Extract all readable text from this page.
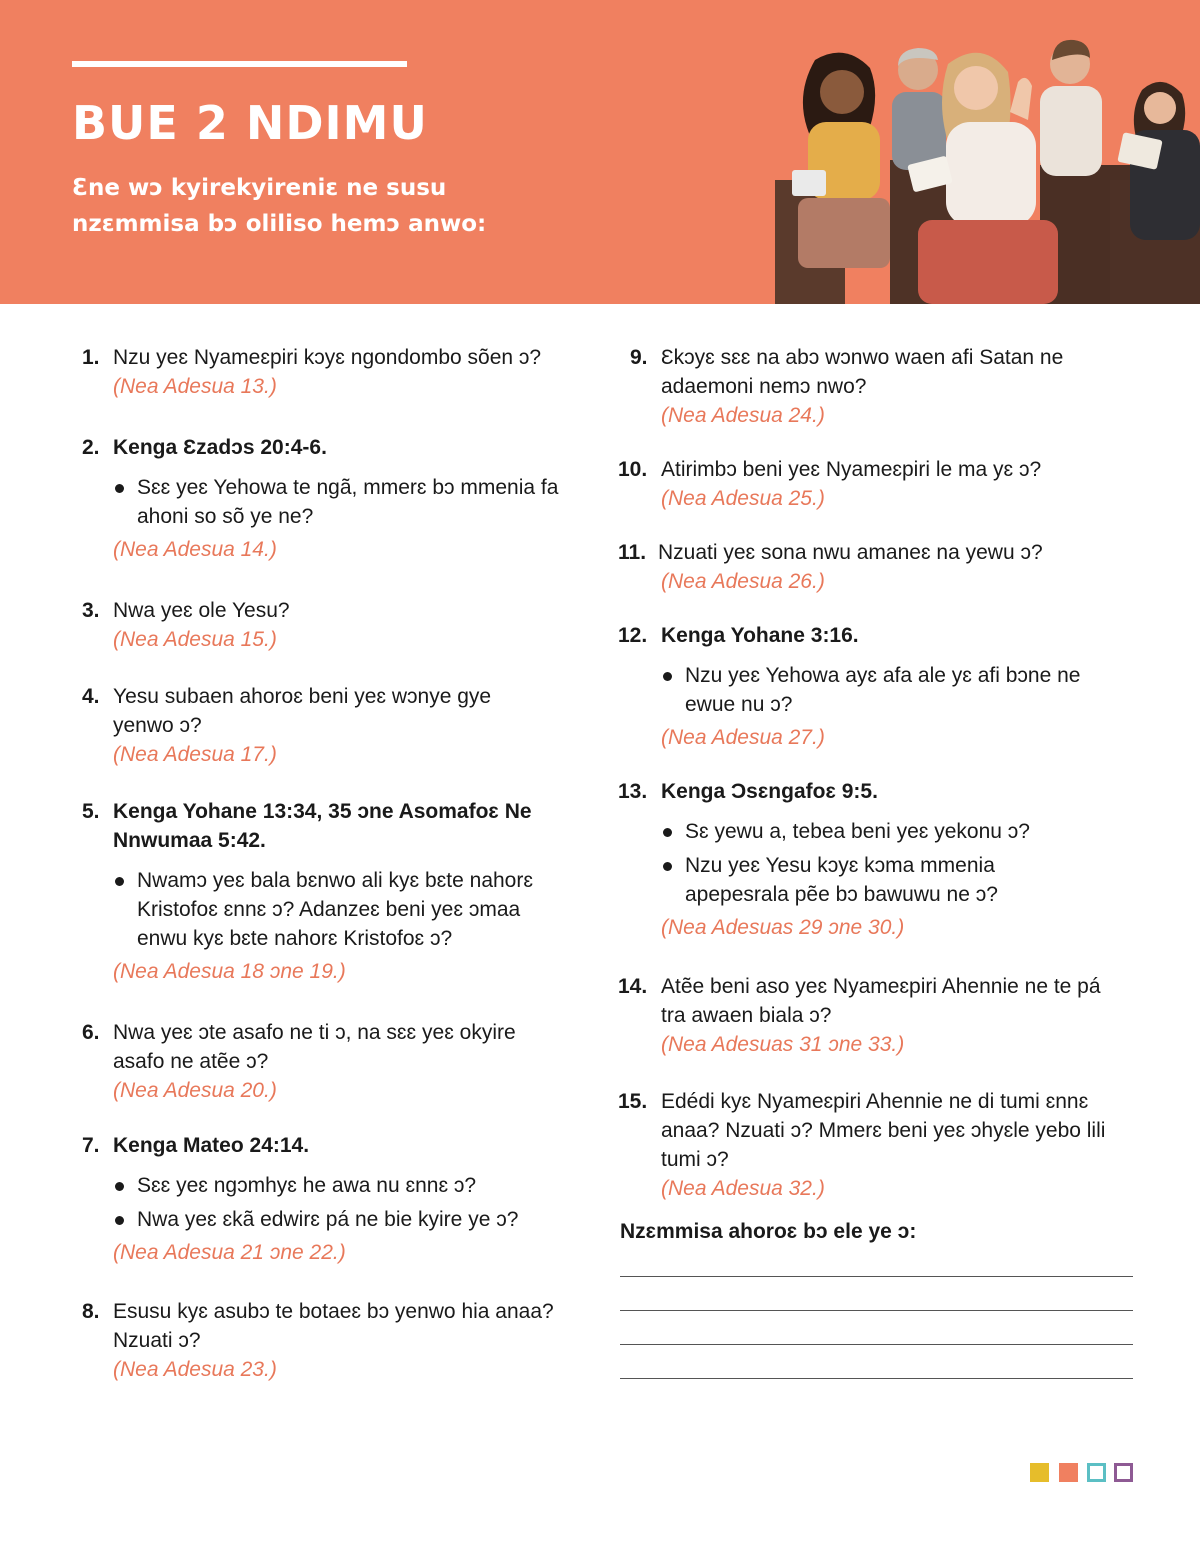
BUE 2 NDIMU

Ɛne wɔ kyirekyireniɛ ne susu nzɛmmisa bɔ oliliso hemɔ anwo:

1. Nzu yeɛ Nyameɛpiri kɔyɛ ngondombo sõen ɔ?
(Nea Adesua 13.)
2. Kenga Ɛzadɔs 20:4-6.
Sɛɛ yeɛ Yehowa te ngã, mmerɛ bɔ mmenia fa ahoni so sõ ye ne?
(Nea Adesua 14.)
3. Nwa yeɛ ole Yesu?
(Nea Adesua 15.)
4. Yesu subaen ahorоɛ beni yeɛ wɔnye gye yenwo ɔ?
(Nea Adesua 17.)
5. Kenga Yohane 13:34, 35 ɔne Asomafoɛ Ne Nnwumaa 5:42.
Nwamɔ yeɛ bala bɛnwo ali kyɛ bɛte nahorɛ Kristofoɛ ɛnnɛ ɔ? Adanzeɛ beni yeɛ ɔmaa enwu kyɛ bɛte nahorɛ Kristofoɛ ɔ?
(Nea Adesua 18 ɔne 19.)
6. Nwa yeɛ ɔte asafo ne ti ɔ, na sɛɛ yeɛ okyire asafo ne atẽe ɔ?
(Nea Adesua 20.)
7. Kenga Mateo 24:14.
Sɛɛ yeɛ ngɔmhyɛ he awa nu ɛnnɛ ɔ?
Nwa yeɛ ɛkã edwirɛ pá ne bie kyire ye ɔ?
(Nea Adesua 21 ɔne 22.)
8. Esusu kyɛ asubɔ te botaeɛ bɔ yenwo hia anaa? Nzuati ɔ?
(Nea Adesua 23.)
9. Ɛkɔyɛ sɛɛ na abɔ wɔnwo waen afi Satan ne adaemoni nemɔ nwo?
(Nea Adesua 24.)
10. Atirimbɔ beni yeɛ Nyameɛpiri le ma yɛ ɔ?
(Nea Adesua 25.)
11. Nzuati yeɛ sona nwu amaneɛ na yewu ɔ?
(Nea Adesua 26.)
12. Kenga Yohane 3:16.
Nzu yeɛ Yehowa ayɛ afa ale yɛ afi bɔne ne ewue nu ɔ?
(Nea Adesua 27.)
13. Kenga Ɔsɛngafoɛ 9:5.
Sɛ yewu a, tebea beni yeɛ yekonu ɔ?
Nzu yeɛ Yesu kɔyɛ kɔma mmenia apepesrala pẽe bɔ bawuwu ne ɔ?
(Nea Adesuas 29 ɔne 30.)
14. Atẽe beni aso yeɛ Nyameɛpiri Ahennie ne te pá tra awaen biala ɔ?
(Nea Adesuas 31 ɔne 33.)
15. Edédi kyɛ Nyameɛpiri Ahennie ne di tumi ɛnnɛ anaa? Nzuati ɔ? Mmerɛ beni yeɛ ɔhyɛle yebo lili tumi ɔ?
(Nea Adesua 32.)
Nzɛmmisa ahorоɛ bɔ ele ye ɔ:
